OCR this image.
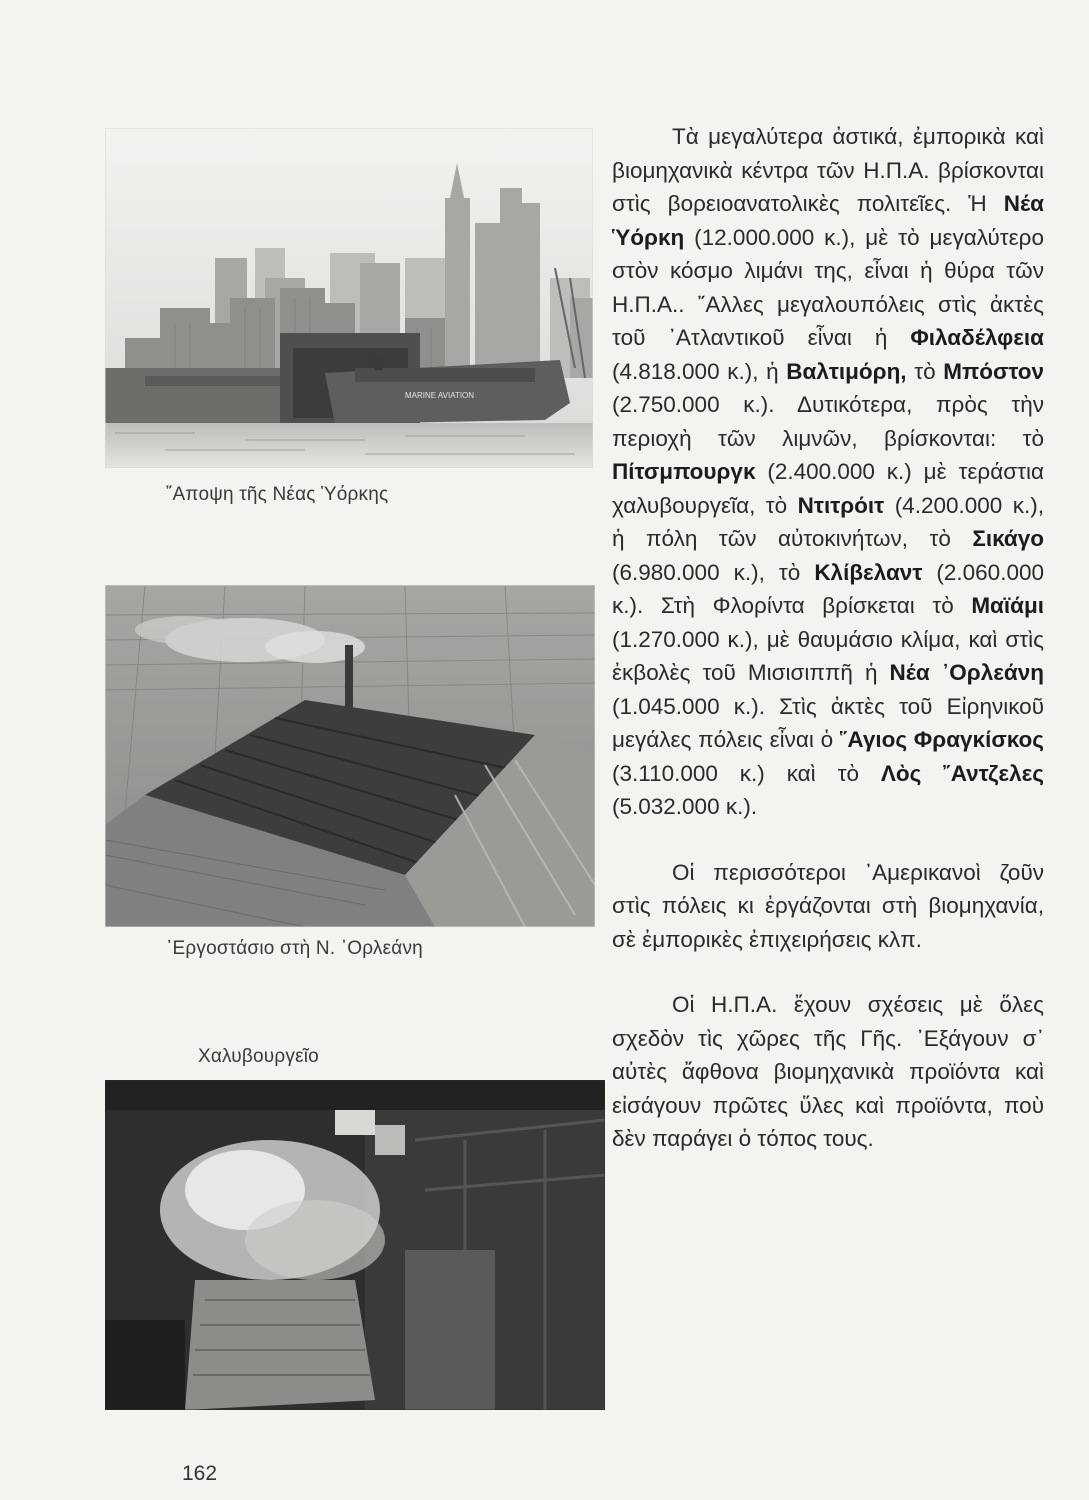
MARINE AVIATION
῎Αποψη τῆς Νέας Ὑόρκης
᾿Εργοστάσιο στὴ Ν. ᾿Ορλεάνη
Χαλυβουργεῖο

Τὰ μεγαλύτερα ἀστικά, ἐμπορικὰ καὶ βιομηχανικὰ κέντρα τῶν Η.Π.Α. βρίσκονται στὶς βορειοανατολικὲς πολιτεῖες. Ἡ Νέα Ὑόρκη (12.000.000 κ.), μὲ τὸ μεγαλύτερο στὸν κόσμο λιμάνι της, εἶναι ἡ θύρα τῶν Η.Π.Α.. ῎Αλλες μεγαλουπόλεις στὶς ἀκτὲς τοῦ ᾿Ατλαντικοῦ εἶναι ἡ Φιλαδέλφεια (4.818.000 κ.), ἡ Βαλτιμόρη, τὸ Μπόστον (2.750.000 κ.). Δυτικότερα, πρὸς τὴν περιοχὴ τῶν λιμνῶν, βρίσκονται: τὸ Πίτσμπουργκ (2.400.000 κ.) μὲ τεράστια χαλυβουργεῖα, τὸ Ντιτρόιτ (4.200.000 κ.), ἡ πόλη τῶν αὐτοκινήτων, τὸ Σικάγο (6.980.000 κ.), τὸ Κλίβελαντ (2.060.000 κ.). Στὴ Φλορίντα βρίσκεται τὸ Μαϊάμι (1.270.000 κ.), μὲ θαυμάσιο κλίμα, καὶ στὶς ἐκβολὲς τοῦ Μισισιππῆ ἡ Νέα ᾿Ορλεάνη (1.045.000 κ.). Στὶς ἀκτὲς τοῦ Εἰρηνικοῦ μεγάλες πόλεις εἶναι ὁ ῞Αγιος Φραγκίσκος (3.110.000 κ.) καὶ τὸ Λὸς ῎Αντζελες (5.032.000 κ.).

Οἱ περισσότεροι ᾿Αμερικανοὶ ζοῦν στὶς πόλεις κι ἐργάζονται στὴ βιομηχανία, σὲ ἐμπορικὲς ἐπιχειρήσεις κλπ.

Οἱ Η.Π.Α. ἔχουν σχέσεις μὲ ὅλες σχεδὸν τὶς χῶρες τῆς Γῆς. ᾿Εξάγουν σ᾿ αὐτὲς ἄφθονα βιομηχανικὰ προϊόντα καὶ εἰσάγουν πρῶτες ὕλες καὶ προϊόντα, ποὺ δὲν παράγει ὁ τόπος τους.

162
